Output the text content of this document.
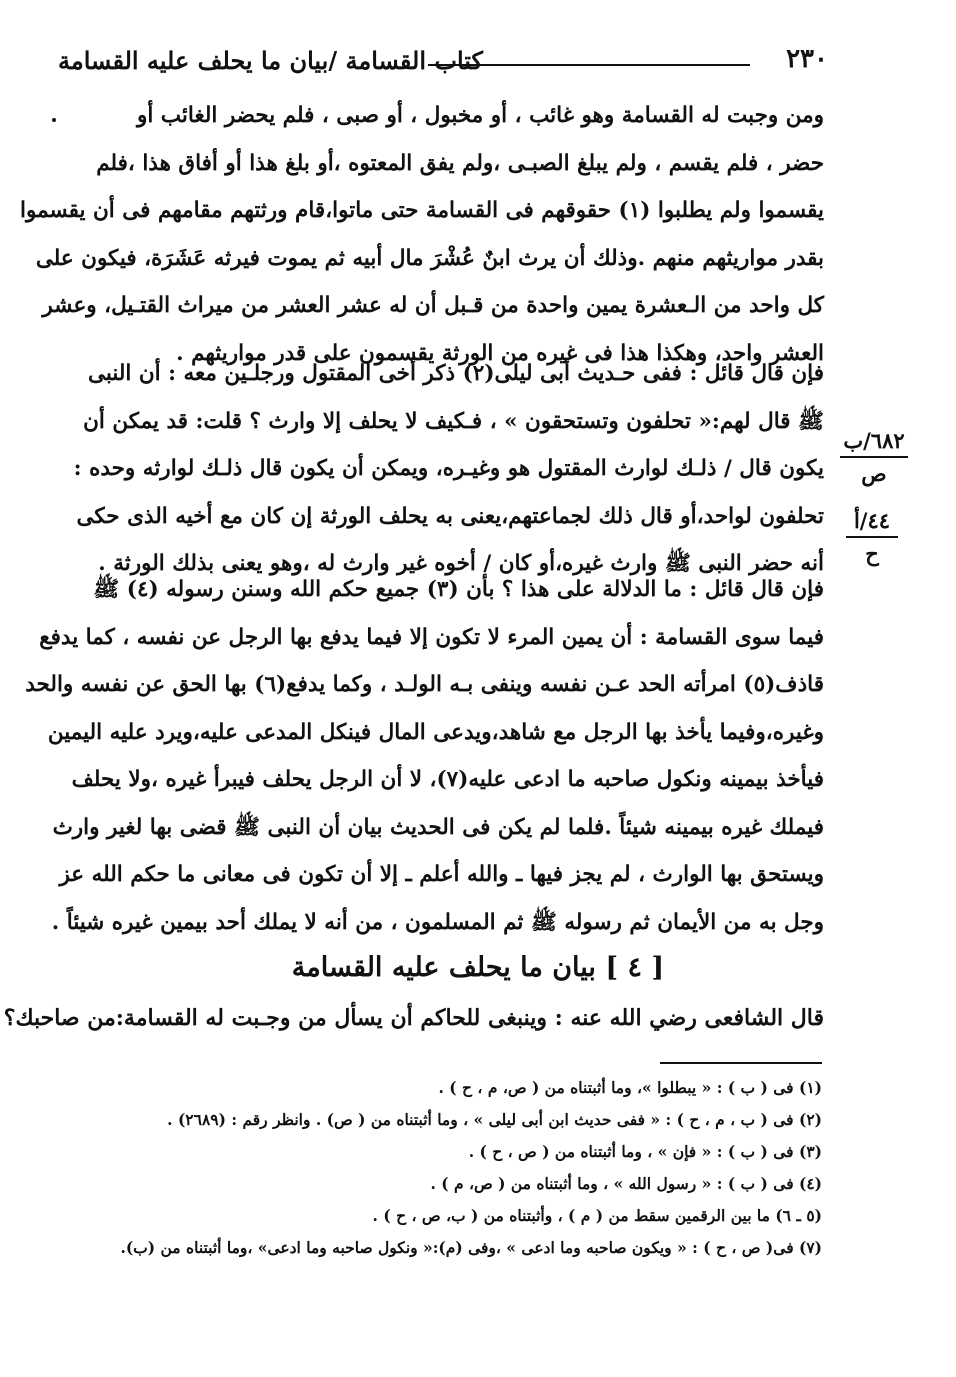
٢٣٠
كتاب القسامة /بيان ما يحلف عليه القسامة

ومن وجبت له القسامة وهو غائب ، أو مخبول ، أو صبى ، فلم يحضر الغائب أو

حضر ، فلم يقسم ، ولم يبلغ الصبـى ،ولم يفق المعتوه ،أو بلغ هذا أو أفاق هذا ،فلم

يقسموا ولم يطلبوا (١) حقوقهم فى القسامة حتى ماتوا،قام ورثتهم مقامهم فى أن يقسموا

بقدر مواريثهم منهم .وذلك أن يرث ابنٌ عُشْرَ مال أبيه ثم يموت فيرثه عَشَرَة، فيكون على

كل واحد من الـعشرة يمين واحدة من قـبل أن له عشر العشر من ميراث القتـيل، وعشر

العشر واحد، وهكذا هذا فى غيره من الورثة يقسمون على قدر مواريثهم .

فإن قال قائل : ففى حـديث أبى ليلى(٢) ذكر أخى المقتول ورجلـين معه : أن النبى

ﷺ قال لهم:« تحلفون وتستحقون » ، فـكيف لا يحلف إلا وارث ؟ قلت: قد يمكن أن

يكون قال / ذلـك لوارث المقتول هو وغيـره، ويمكن أن يكون قال ذلـك لوارثه وحده :

تحلفون لواحد،أو قال ذلك لجماعتهم،يعنى به يحلف الورثة إن كان مع أخيه الذى حكى

أنه حضر النبى ﷺ وارث غيره،أو كان / أخوه غير وارث له ،وهو يعنى بذلك الورثة .

فإن قال قائل : ما الدلالة على هذا ؟ بأن (٣) جميع حكم الله وسنن رسوله (٤) ﷺ

فيما سوى القسامة : أن يمين المرء لا تكون إلا فيما يدفع بها الرجل عن نفسه ، كما يدفع

قاذف(٥) امرأته الحد عـن نفسه وينفى بـه الولـد ، وكما يدفع(٦) بها الحق عن نفسه والحد

وغيره،وفيما يأخذ بها الرجل مع شاهد،ويدعى المال فينكل المدعى عليه،ويرد عليه اليمين

فيأخذ بيمينه ونكول صاحبه ما ادعى عليه(٧)، لا أن الرجل يحلف فيبرأ غيره ،ولا يحلف

فيملك غيره بيمينه شيئاً .فلما لم يكن فى الحديث بيان أن النبى ﷺ قضى بها لغير وارث

ويستحق بها الوارث ، لم يجز فيها ـ والله أعلم ـ إلا أن تكون فى معانى ما حكم الله عز

وجل به من الأيمان ثم رسوله ﷺ ثم المسلمون ، من أنه لا يملك أحد بيمين غيره شيئاً .

٦٨٢/ب
ص
٤٤/أ
ح
[ ٤ ] بيان ما يحلف عليه القسامة
قال الشافعى رضي الله عنه : وينبغى للحاكم أن يسأل من وجـبت له القسامة:من صاحبك؟

(١) فى ( ب ) : « يبطلوا »، وما أثبتناه من ( ص، م ، ح ) .

(٢) فى ( ب ، م ، ح ) : « ففى حديث ابن أبى ليلى » ، وما أثبتناه من ( ص) . وانظر رقم : (٢٦٨٩) .

(٣) فى ( ب ) : « فإن » ، وما أثبتناه من ( ص ، ح ) .

(٤) فى ( ب ) : « رسول الله » ، وما أثبتناه من ( ص، م ) .

(٥ ـ ٦) ما بين الرقمين سقط من ( م ) ، وأثبتناه من ( ب، ص ، ح ) .

(٧) فى( ص ، ح ) : « ويكون صاحبه وما ادعى » ،وفى (م):« ونكول صاحبه وما ادعى» ،وما أثبتناه من (ب).
